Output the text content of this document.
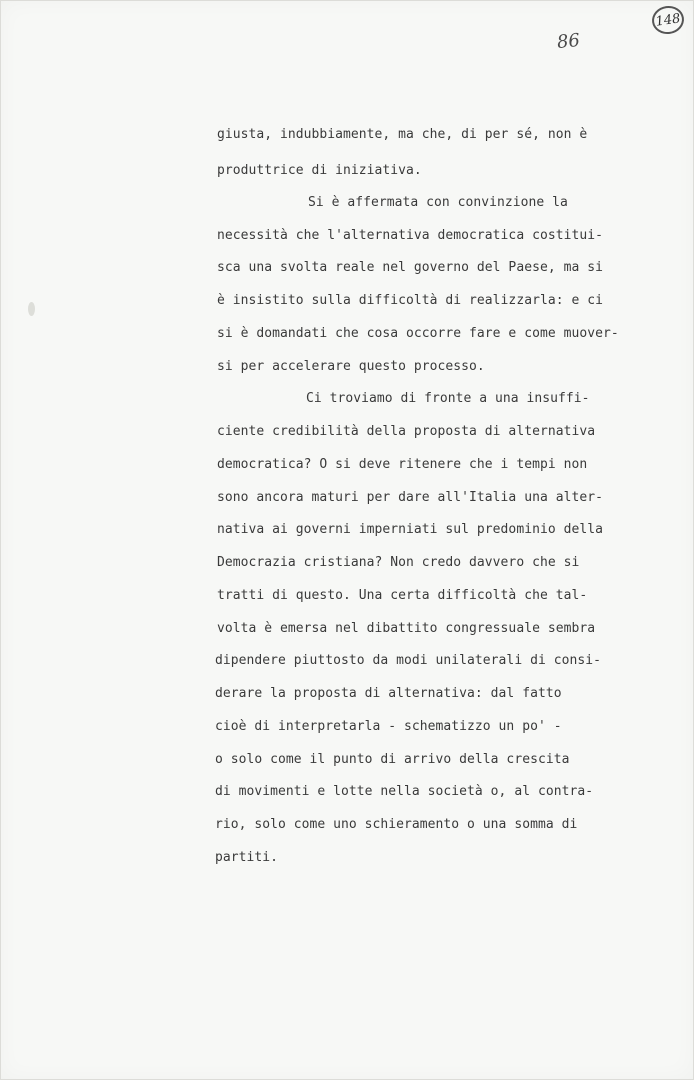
148
86
giusta, indubbiamente, ma che, di per sé, non è
produttrice di iniziativa.
Si è affermata con convinzione la
necessità che l'alternativa democratica costitui-
sca una svolta reale nel governo del Paese, ma si
è insistito sulla difficoltà di realizzarla: e ci
si è domandati che cosa occorre fare e come muover-
si per accelerare questo processo.
Ci troviamo di fronte a una insuffi-
ciente credibilità della proposta di alternativa
democratica? O si deve ritenere che i tempi non
sono ancora maturi per dare all'Italia una alter-
nativa ai governi imperniati sul predominio della
Democrazia cristiana? Non credo davvero che si
tratti di questo. Una certa difficoltà che tal-
volta è emersa nel dibattito congressuale sembra
dipendere piuttosto da modi unilaterali di consi-
derare la proposta di alternativa: dal fatto
cioè di interpretarla - schematizzo un po' -
o solo come il punto di arrivo della crescita
di movimenti e lotte nella società o, al contra-
rio, solo come uno schieramento o una somma di
partiti.
